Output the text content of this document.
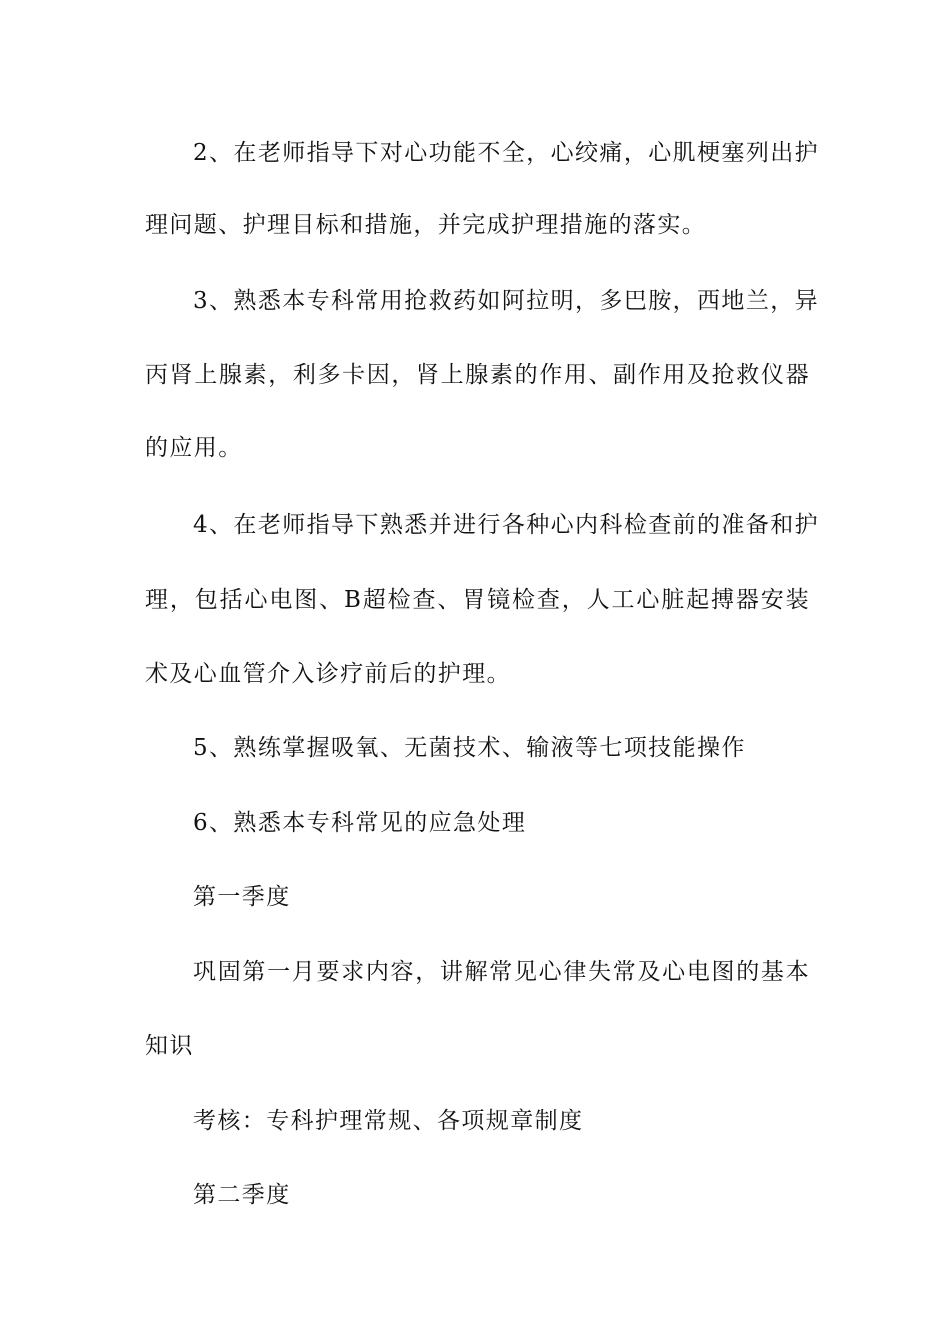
2、在老师指导下对心功能不全，心绞痛，心肌梗塞列出护
理问题、护理目标和措施，并完成护理措施的落实。
3、熟悉本专科常用抢救药如阿拉明，多巴胺，西地兰，异
丙肾上腺素，利多卡因，肾上腺素的作用、副作用及抢救仪器
的应用。
4、在老师指导下熟悉并进行各种心内科检查前的准备和护
理，包括心电图、B超检查、胃镜检查，人工心脏起搏器安装
术及心血管介入诊疗前后的护理。
5、熟练掌握吸氧、无菌技术、输液等七项技能操作
6、熟悉本专科常见的应急处理
第一季度
巩固第一月要求内容，讲解常见心律失常及心电图的基本
知识
考核：专科护理常规、各项规章制度
第二季度
